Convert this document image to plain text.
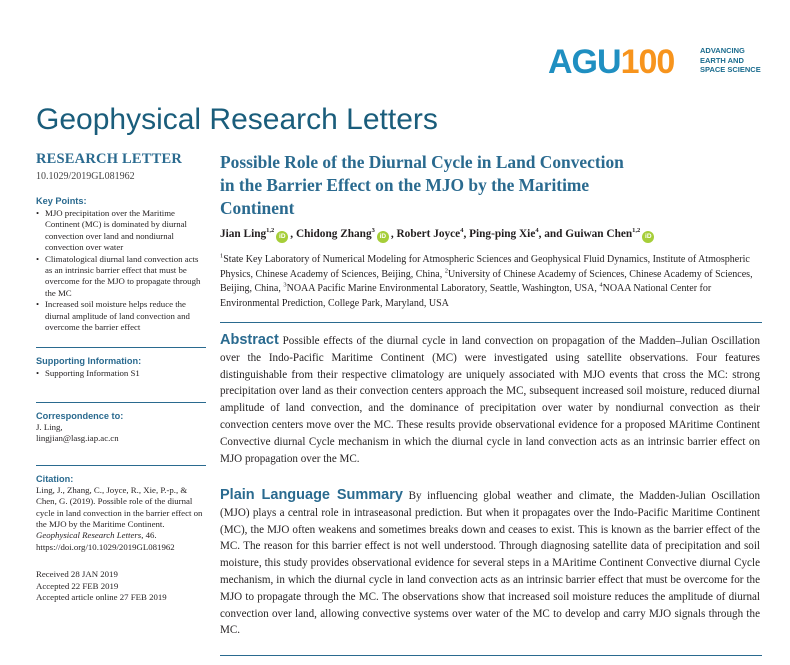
AGU100	ADVANCING
EARTH AND
SPACE SCIENCE
Geophysical Research Letters
RESEARCH LETTER
10.1029/2019GL081962
Key Points:
• MJO precipitation over the Maritime Continent (MC) is dominated by diurnal convection over land and nondiurnal convection over water
• Climatological diurnal land convection acts as an intrinsic barrier effect that must be overcome for the MJO to propagate through the MC
• Increased soil moisture helps reduce the diurnal amplitude of land convection and overcome the barrier effect
Supporting Information:
• Supporting Information S1
Correspondence to:
J. Ling,
lingjian@lasg.iap.ac.cn
Citation:
Ling, J., Zhang, C., Joyce, R., Xie, P.-p., & Chen, G. (2019). Possible role of the diurnal cycle in land convection in the barrier effect on the MJO by the Maritime Continent. Geophysical Research Letters, 46. https://doi.org/10.1029/2019GL081962
Received 28 JAN 2019
Accepted 22 FEB 2019
Accepted article online 27 FEB 2019
Possible Role of the Diurnal Cycle in Land Convection in the Barrier Effect on the MJO by the Maritime Continent
Jian Ling$^{1,2}$iD , Chidong Zhang$^3$iD , Robert Joyce$^4$, Ping-ping Xie$^4$, and Guiwan Chen$^{1,2}$iD
$^1$State Key Laboratory of Numerical Modeling for Atmospheric Sciences and Geophysical Fluid Dynamics, Institute of Atmospheric Physics, Chinese Academy of Sciences, Beijing, China, $^2$University of Chinese Academy of Sciences, Chinese Academy of Sciences, Beijing, China, $^3$NOAA Pacific Marine Environmental Laboratory, Seattle, Washington, USA, $^4$NOAA National Center for Environmental Prediction, College Park, Maryland, USA
Abstract Possible effects of the diurnal cycle in land convection on propagation of the Madden–Julian Oscillation over the Indo-Pacific Maritime Continent (MC) were investigated using satellite observations. Four features distinguishable from their respective climatology are uniquely associated with MJO events that cross the MC: strong precipitation over land as their convection centers approach the MC, subsequent increased soil moisture, reduced diurnal amplitude of land convection, and the dominance of precipitation over water by nondiurnal convection as their convection centers move over the MC. These results provide observational evidence for a proposed MAritime Continent Convective diurnal Cycle mechanism in which the diurnal cycle in land convection acts as an intrinsic barrier effect on MJO propagation over the MC.
Plain Language Summary By influencing global weather and climate, the Madden-Julian Oscillation (MJO) plays a central role in intraseasonal prediction. But when it propagates over the Indo-Pacific Maritime Continent (MC), the MJO often weakens and sometimes breaks down and ceases to exist. This is known as the barrier effect of the MC. The reason for this barrier effect is not well understood. Through diagnosing satellite data of precipitation and soil moisture, this study provides observational evidence for several steps in a MAritime Continent Convective diurnal Cycle mechanism, in which the diurnal cycle in land convection acts as an intrinsic barrier effect that must be overcome for the MJO to propagate through the MC. The observations show that increased soil moisture reduces the amplitude of diurnal convection over land, allowing convective systems over water of the MC to develop and carry MJO signals through the MC.
